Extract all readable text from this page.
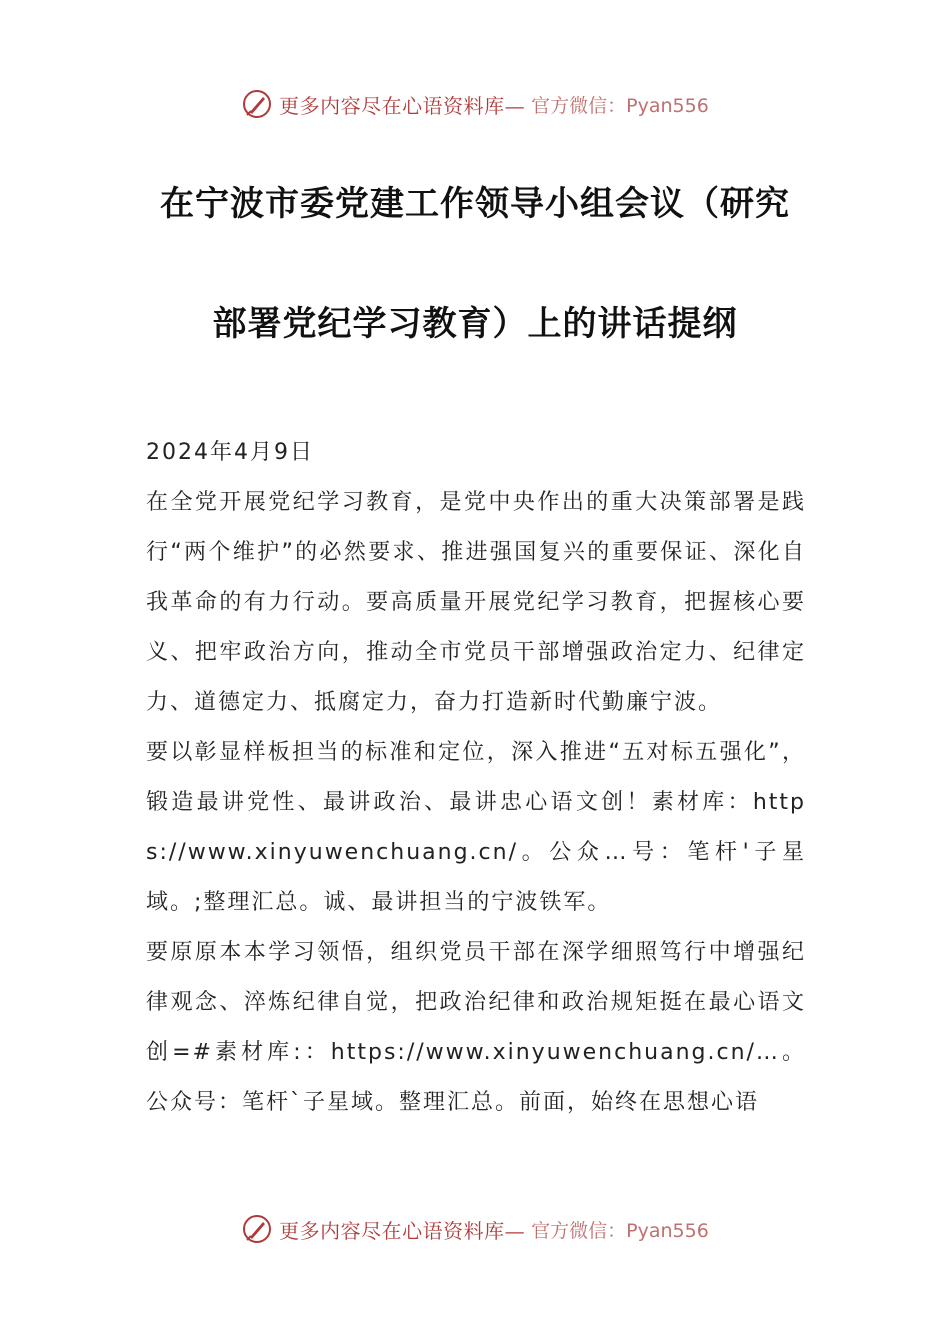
更多内容尽在心语资料库— 官方微信：Pyan556
在宁波市委党建工作领导小组会议（研究
部署党纪学习教育）上的讲话提纲

2024年4月9日

在全党开展党纪学习教育，是党中央作出的重大决策部署是践行“两个维护”的必然要求、推进强国复兴的重要保证、深化自我革命的有力行动。要高质量开展党纪学习教育，把握核心要义、把牢政治方向，推动全市党员干部增强政治定力、纪律定力、道德定力、抵腐定力，奋力打造新时代勤廉宁波。

要以彰显样板担当的标准和定位，深入推进“五对标五强化”，锻造最讲党性、最讲政治、最讲忠心语文创！素材库：https://www.xinyuwenchuang.cn/。公众…号：笔杆'子星域。;整理汇总。诚、最讲担当的宁波铁军。

要原原本本学习领悟，组织党员干部在深学细照笃行中增强纪律观念、淬炼纪律自觉，把政治纪律和政治规矩挺在最心语文创=#素材库:：https://www.xinyuwenchuang.cn/…。公众号：笔杆`子星域。整理汇总。前面，始终在思想心语

更多内容尽在心语资料库— 官方微信：Pyan556
